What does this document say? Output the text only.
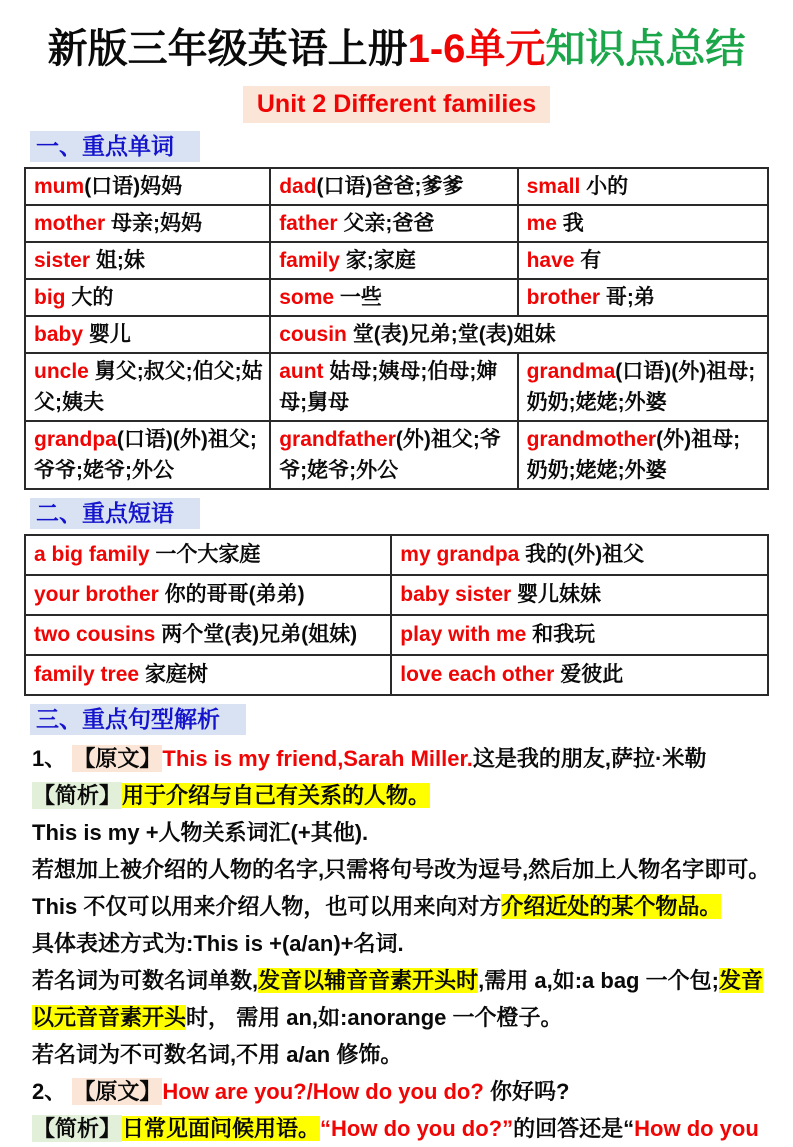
新版三年级英语上册1-6单元知识点总结
Unit 2 Different families
一、重点单词
mum(口语)妈妈	dad(口语)爸爸;爹爹	small 小的
mother 母亲;妈妈	father 父亲;爸爸	me 我
sister 姐;妹	family 家;家庭	have 有
big 大的	some 一些	brother 哥;弟
baby 婴儿	cousin 堂(表)兄弟;堂(表)姐妹	
uncle 舅父;叔父;伯父;姑父;姨夫	aunt 姑母;姨母;伯母;婶母;舅母	grandma(口语)(外)祖母;奶奶;姥姥;外婆
grandpa(口语)(外)祖父;爷爷;姥爷;外公	grandfather(外)祖父;爷爷;姥爷;外公	grandmother(外)祖母;奶奶;姥姥;外婆
二、重点短语
a big family 一个大家庭	my grandpa 我的(外)祖父
your brother 你的哥哥(弟弟)	baby sister 婴儿妹妹
two cousins 两个堂(表)兄弟(姐妹)	play with me 和我玩
family tree 家庭树	love each other 爱彼此
三、重点句型解析
1、 【原文】This is my friend,Sarah Miller.这是我的朋友,萨拉·米勒
【简析】用于介绍与自己有关系的人物。
This is my +人物关系词汇(+其他).
若想加上被介绍的人物的名字,只需将句号改为逗号,然后加上人物名字即可。
This 不仅可以用来介绍人物，也可以用来向对方介绍近处的某个物品。
具体表述方式为:This is +(a/an)+名词.
若名词为可数名词单数,发音以辅音音素开头时,需用 a,如:a bag 一个包;发音
以元音音素开头时， 需用 an,如:anorange 一个橙子。
若名词为不可数名词,不用 a/an 修饰。
2、 【原文】How are you?/How do you do? 你好吗?
【简析】日常见面问候用语。“How do you do?”的回答还是“How do you
